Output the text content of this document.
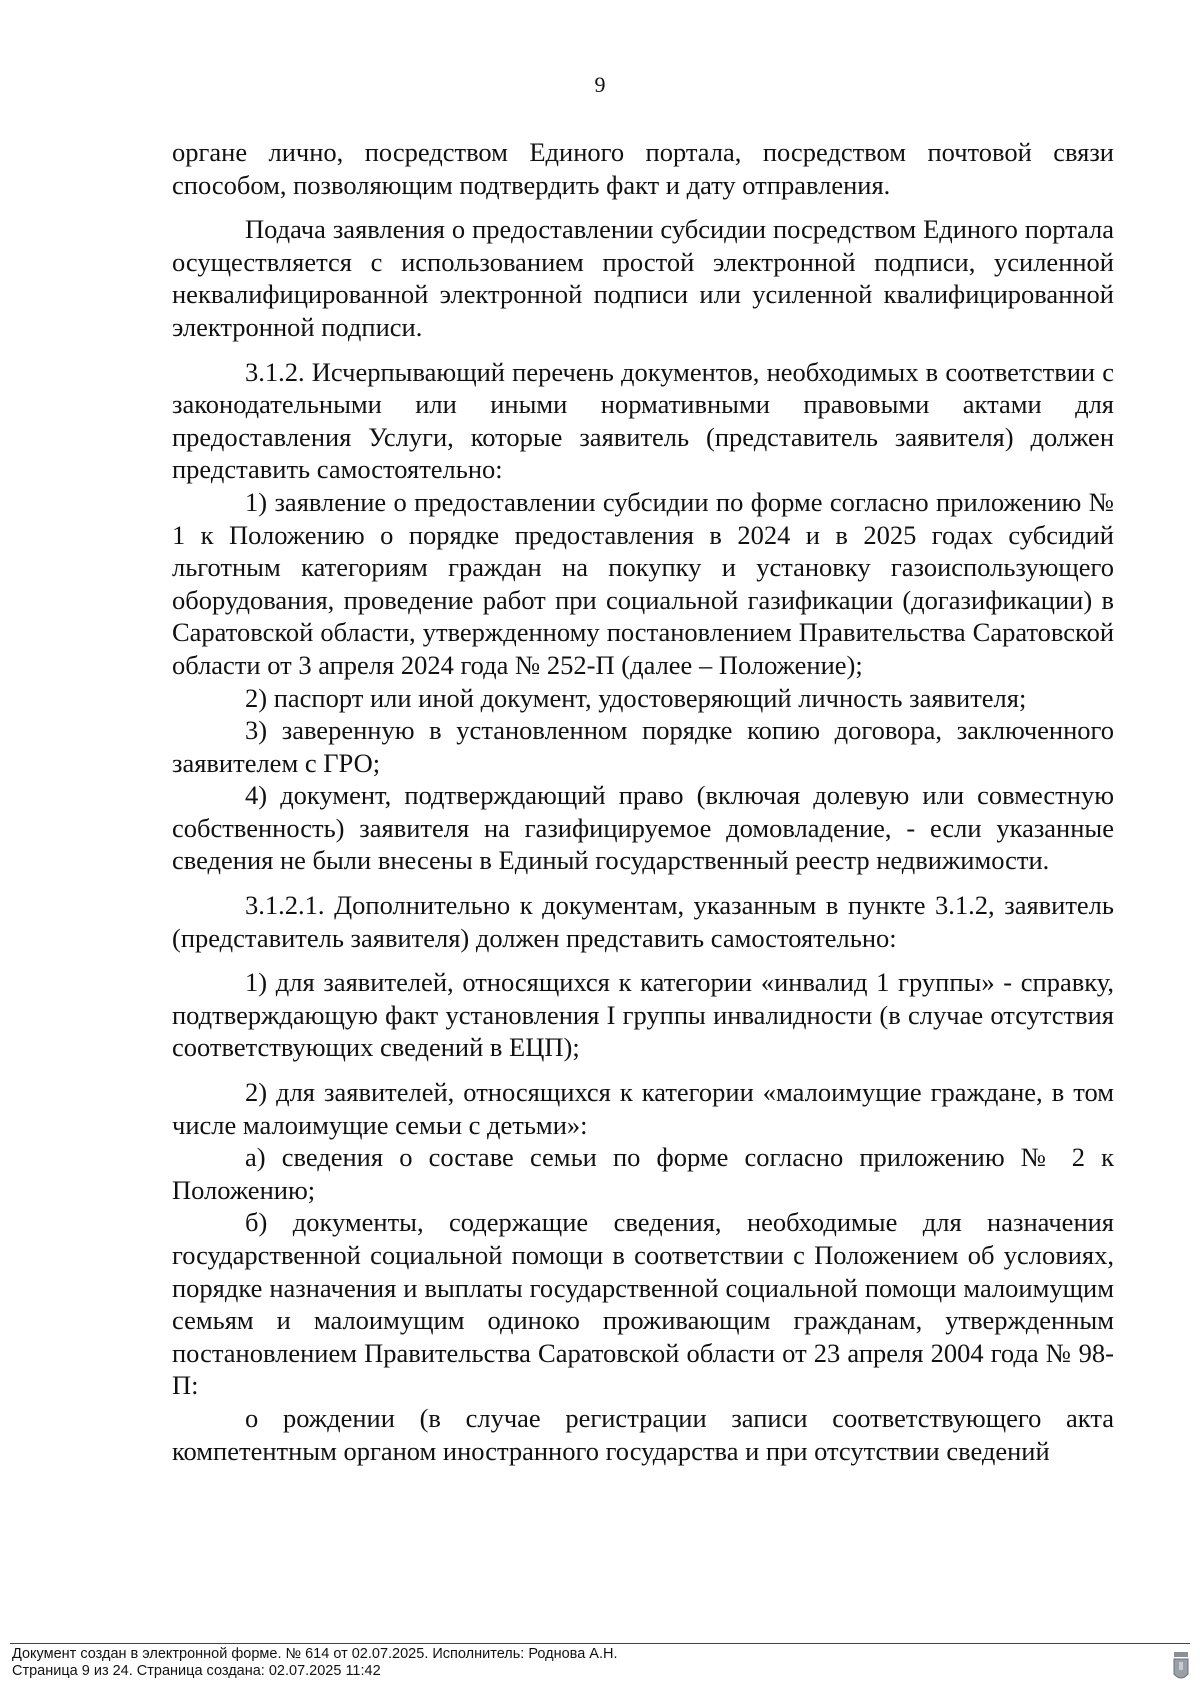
9

органе лично, посредством Единого портала, посредством почтовой связи способом, позволяющим подтвердить факт и дату отправления.

Подача заявления о предоставлении субсидии посредством Единого портала осуществляется с использованием простой электронной подписи, усиленной неквалифицированной электронной подписи или усиленной квалифицированной электронной подписи.

3.1.2. Исчерпывающий перечень документов, необходимых в соответствии с законодательными или иными нормативными правовыми актами для предоставления Услуги, которые заявитель (представитель заявителя) должен представить самостоятельно:

1) заявление о предоставлении субсидии по форме согласно приложению № 1 к Положению о порядке предоставления в 2024 и в 2025 годах субсидий льготным категориям граждан на покупку и установку газоиспользующего оборудования, проведение работ при социальной газификации (догазификации) в Саратовской области, утвержденному постановлением Правительства Саратовской области от 3 апреля 2024 года № 252-П (далее – Положение);

2) паспорт или иной документ, удостоверяющий личность заявителя;

3) заверенную в установленном порядке копию договора, заключенного заявителем с ГРО;

4) документ, подтверждающий право (включая долевую или совместную собственность) заявителя на газифицируемое домовладение, - если указанные сведения не были внесены в Единый государственный реестр недвижимости.

3.1.2.1. Дополнительно к документам, указанным в пункте 3.1.2, заявитель (представитель заявителя) должен представить самостоятельно:

1) для заявителей, относящихся к категории «инвалид 1 группы» - справку, подтверждающую факт установления I группы инвалидности (в случае отсутствия соответствующих сведений в ЕЦП);

2) для заявителей, относящихся к категории «малоимущие граждане, в том числе малоимущие семьи с детьми»:

а) сведения о составе семьи по форме согласно приложению № 2 к Положению;

б) документы, содержащие сведения, необходимые для назначения государственной социальной помощи в соответствии с Положением об условиях, порядке назначения и выплаты государственной социальной помощи малоимущим семьям и малоимущим одиноко проживающим гражданам, утвержденным постановлением Правительства Саратовской области от 23 апреля 2004 года № 98-П:

о рождении (в случае регистрации записи соответствующего акта компетентным органом иностранного государства и при отсутствии сведений

Документ создан в электронной форме. № 614 от 02.07.2025. Исполнитель: Роднова А.Н.
Страница 9 из 24. Страница создана: 02.07.2025 11:42
